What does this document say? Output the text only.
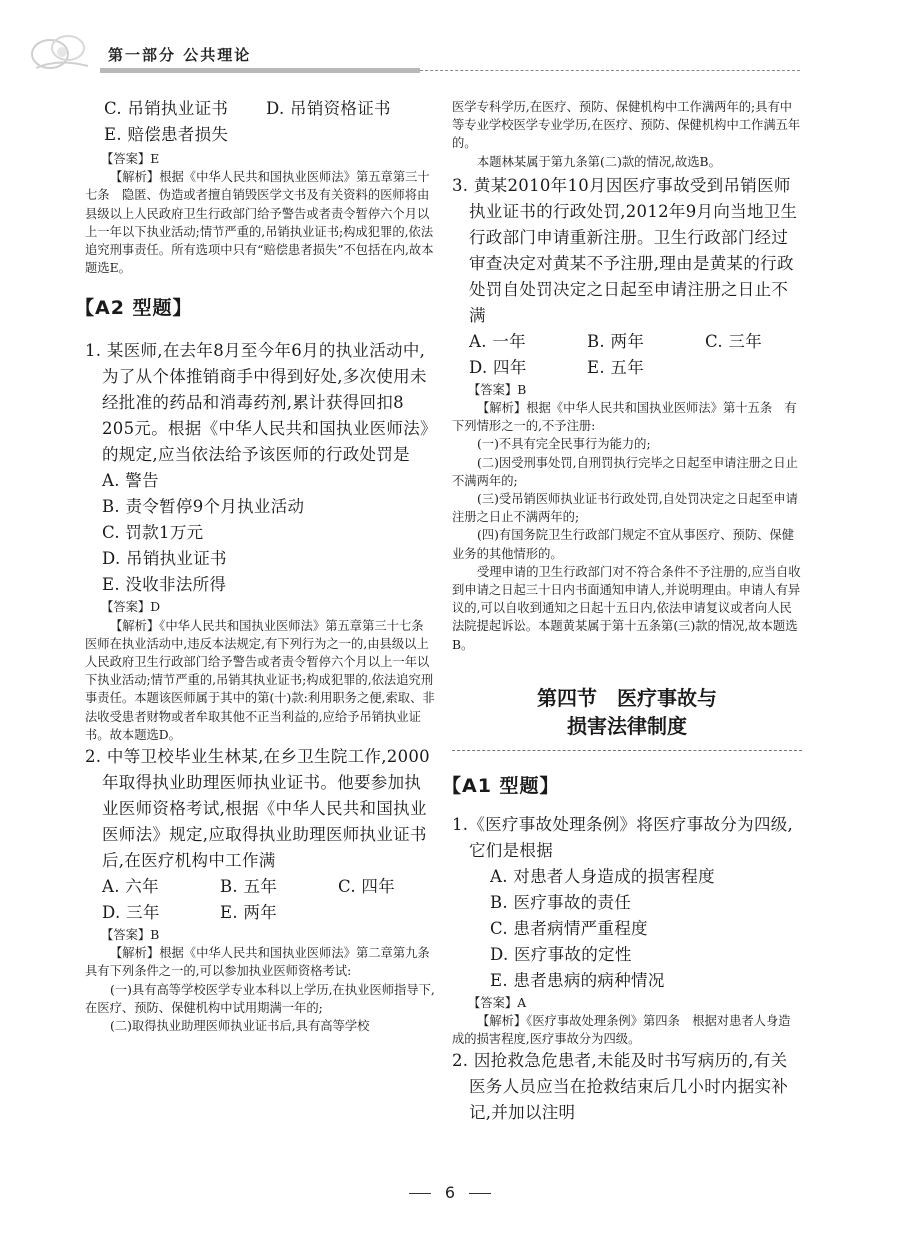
第一部分 公共理论
C. 吊销执业证书 D. 吊销资格证书
E. 赔偿患者损失

【答案】E

【解析】根据《中华人民共和国执业医师法》第五章第三十七条　隐匿、伪造或者擅自销毁医学文书及有关资料的医师将由县级以上人民政府卫生行政部门给予警告或者责令暂停六个月以上一年以下执业活动;情节严重的,吊销执业证书;构成犯罪的,依法追究刑事责任。所有选项中只有“赔偿患者损失”不包括在内,故本题选E。

【A2 型题】

1. 某医师,在去年8月至今年6月的执业活动中,为了从个体推销商手中得到好处,多次使用未经批准的药品和消毒药剂,累计获得回扣8 205元。根据《中华人民共和国执业医师法》的规定,应当依法给予该医师的行政处罚是

A. 警告
B. 责令暂停9个月执业活动
C. 罚款1万元
D. 吊销执业证书
E. 没收非法所得

【答案】D

【解析】《中华人民共和国执业医师法》第五章第三十七条　医师在执业活动中,违反本法规定,有下列行为之一的,由县级以上人民政府卫生行政部门给予警告或者责令暂停六个月以上一年以下执业活动;情节严重的,吊销其执业证书;构成犯罪的,依法追究刑事责任。本题该医师属于其中的第(十)款:利用职务之便,索取、非法收受患者财物或者牟取其他不正当利益的,应给予吊销执业证书。故本题选D。

2. 中等卫校毕业生林某,在乡卫生院工作,2000年取得执业助理医师执业证书。他要参加执业医师资格考试,根据《中华人民共和国执业医师法》规定,应取得执业助理医师执业证书后,在医疗机构中工作满

A. 六年	B. 五年	C. 四年
D. 三年	E. 两年

【答案】B

【解析】根据《中华人民共和国执业医师法》第二章第九条　具有下列条件之一的,可以参加执业医师资格考试:

(一)具有高等学校医学专业本科以上学历,在执业医师指导下,在医疗、预防、保健机构中试用期满一年的;

(二)取得执业助理医师执业证书后,具有高等学校

医学专科学历,在医疗、预防、保健机构中工作满两年的;具有中等专业学校医学专业学历,在医疗、预防、保健机构中工作满五年的。

本题林某属于第九条第(二)款的情况,故选B。

3. 黄某2010年10月因医疗事故受到吊销医师执业证书的行政处罚,2012年9月向当地卫生行政部门申请重新注册。卫生行政部门经过审查决定对黄某不予注册,理由是黄某的行政处罚自处罚决定之日起至申请注册之日止不满

A. 一年	B. 两年	C. 三年
D. 四年	E. 五年

【答案】B

【解析】根据《中华人民共和国执业医师法》第十五条　有下列情形之一的,不予注册:

(一)不具有完全民事行为能力的;

(二)因受刑事处罚,自刑罚执行完毕之日起至申请注册之日止不满两年的;

(三)受吊销医师执业证书行政处罚,自处罚决定之日起至申请注册之日止不满两年的;

(四)有国务院卫生行政部门规定不宜从事医疗、预防、保健业务的其他情形的。

受理申请的卫生行政部门对不符合条件不予注册的,应当自收到申请之日起三十日内书面通知申请人,并说明理由。申请人有异议的,可以自收到通知之日起十五日内,依法申请复议或者向人民法院提起诉讼。本题黄某属于第十五条第(三)款的情况,故本题选B。

第四节　医疗事故与
损害法律制度
【A1 型题】

1.《医疗事故处理条例》将医疗事故分为四级,它们是根据

A. 对患者人身造成的损害程度
B. 医疗事故的责任
C. 患者病情严重程度
D. 医疗事故的定性
E. 患者患病的病种情况

【答案】A

【解析】《医疗事故处理条例》第四条　根据对患者人身造成的损害程度,医疗事故分为四级。

2. 因抢救急危患者,未能及时书写病历的,有关医务人员应当在抢救结束后几小时内据实补记,并加以注明

6
